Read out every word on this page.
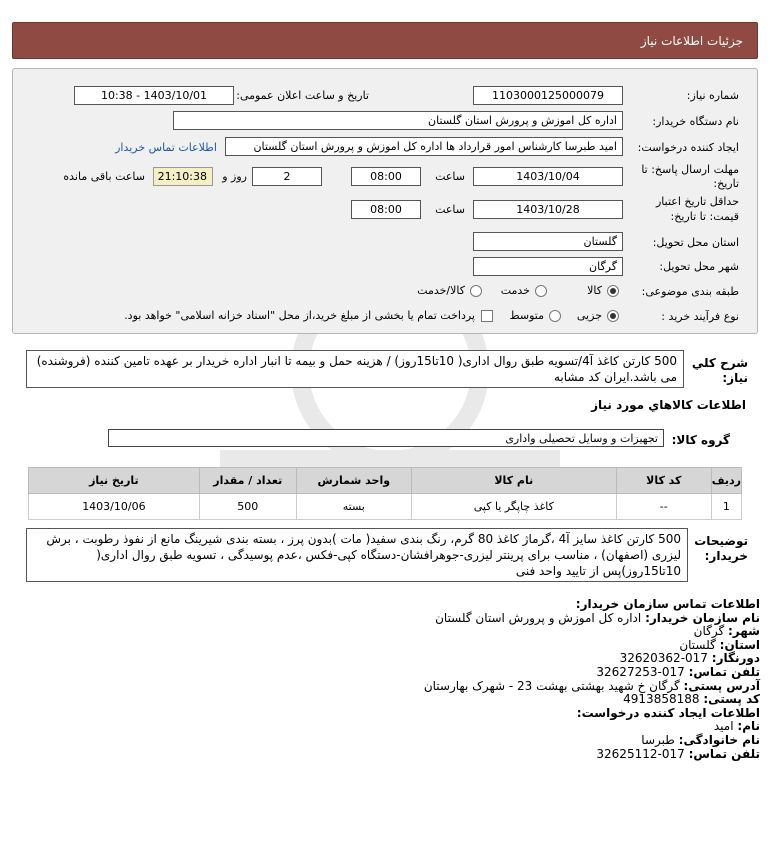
جزئیات اطلاعات نیاز
شماره نیاز:
1103000125000079
تاریخ و ساعت اعلان عمومی:
1403/10/01 - 10:38
نام دستگاه خریدار:
اداره کل اموزش و پرورش استان گلستان
ایجاد کننده درخواست:
امید طبرسا کارشناس امور قرارداد ها اداره کل اموزش و پرورش استان گلستان
اطلاعات تماس خریدار
مهلت ارسال پاسخ: تا
تاریخ:
1403/10/04
ساعت
08:00
2
روز و
21:10:38
ساعت باقی مانده
حداقل تاریخ اعتبار
قیمت: تا تاریخ:
1403/10/28
ساعت
08:00
استان محل تحویل:
گلستان
شهر محل تحویل:
گرگان
طبقه بندی موضوعی:
کالا
خدمت
کالا/خدمت
نوع فرآیند خرید :
جزیی
متوسط
پرداخت تمام یا بخشی از مبلغ خرید،از محل "اسناد خزانه اسلامی" خواهد بود.
شرح کلي
نياز:
500 کارتن کاغذ آ4/تسویه طبق روال اداری( 10تا15روز) / هزینه حمل و بیمه تا انبار اداره خریدار بر عهده تامین کننده (فروشنده) می باشد.ایران کد مشابه
اطلاعات کالاهاي مورد نياز
گروه کالا:
تجهیزات و وسایل تحصیلی واداری
ردیف	کد کالا	نام کالا	واحد شمارش	تعداد / مقدار	تاریخ نیاز
1	--	کاغذ چاپگر یا کپی	بسته	500	1403/10/06
توضیحات
خریدار:
500 کارتن کاغذ سایز آ4 ،گرماژ کاغذ 80 گرم، رنگ بندی سفید( مات )بدون پرز ، بسته بندی شیرینگ مانع از نفوذ رطوبت ، برش لیزری (اصفهان) ، مناسب برای پرینتر لیزری-جوهرافشان-دستگاه کپی-فکس ،عدم پوسیدگی ، تسویه طبق روال اداری( 10تا15روز)پس از تایید واحد فنی
اطلاعات تماس سازمان خریدار:
نام سازمان خریدار: اداره کل اموزش و پرورش استان گلستان
شهر: گرگان
استان: گلستان
دورنگار: 017-32620362
تلفن تماس: 017-32627253
آدرس پستی: گرگان خ شهید بهشتی بهشت 23 - شهرک بهارستان
کد پستی: 4913858188
اطلاعات ایجاد کننده درخواست:
نام: امید
نام خانوادگی: طبرسا
تلفن تماس: 017-32625112
